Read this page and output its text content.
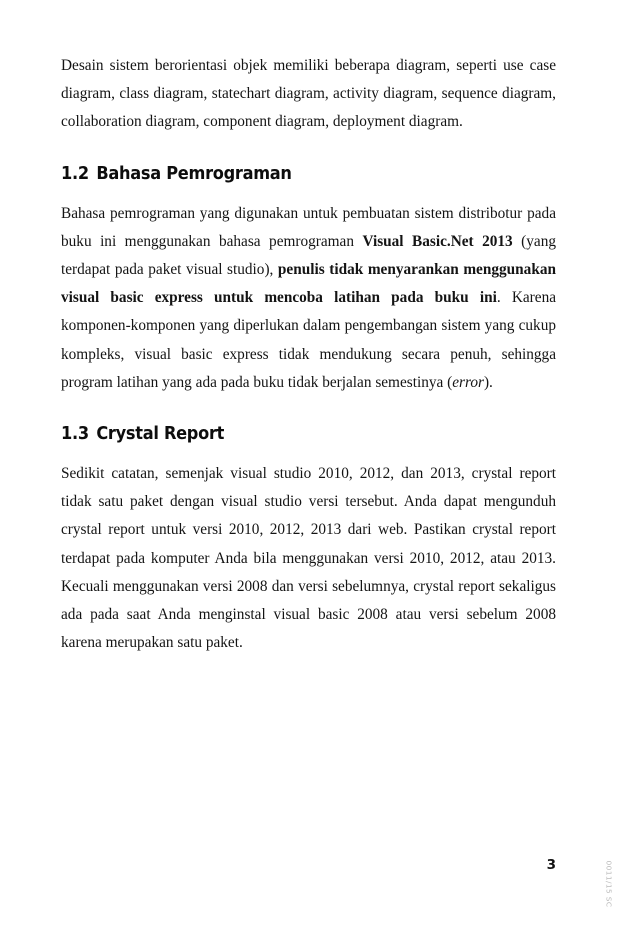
Desain sistem berorientasi objek memiliki beberapa diagram, seperti use case diagram, class diagram, statechart diagram, activity diagram, sequence diagram, collaboration diagram, component diagram, deployment diagram.

1.2 Bahasa Pemrograman

Bahasa pemrograman yang digunakan untuk pembuatan sistem distribotur pada buku ini menggunakan bahasa pemrograman Visual Basic.Net 2013 (yang terdapat pada paket visual studio), penulis tidak menyarankan menggunakan visual basic express untuk mencoba latihan pada buku ini. Karena komponen-komponen yang diperlukan dalam pengembangan sistem yang cukup kompleks, visual basic express tidak mendukung secara penuh, sehingga program latihan yang ada pada buku tidak berjalan semestinya (error).

1.3 Crystal Report

Sedikit catatan, semenjak visual studio 2010, 2012, dan 2013, crystal report tidak satu paket dengan visual studio versi tersebut. Anda dapat mengunduh crystal report untuk versi 2010, 2012, 2013 dari web. Pastikan crystal report terdapat pada komputer Anda bila menggunakan versi 2010, 2012, atau 2013. Kecuali menggunakan versi 2008 dan versi sebelumnya, crystal report sekaligus ada pada saat Anda menginstal visual basic 2008 atau versi sebelum 2008 karena merupakan satu paket.

3	0011/15 SC
